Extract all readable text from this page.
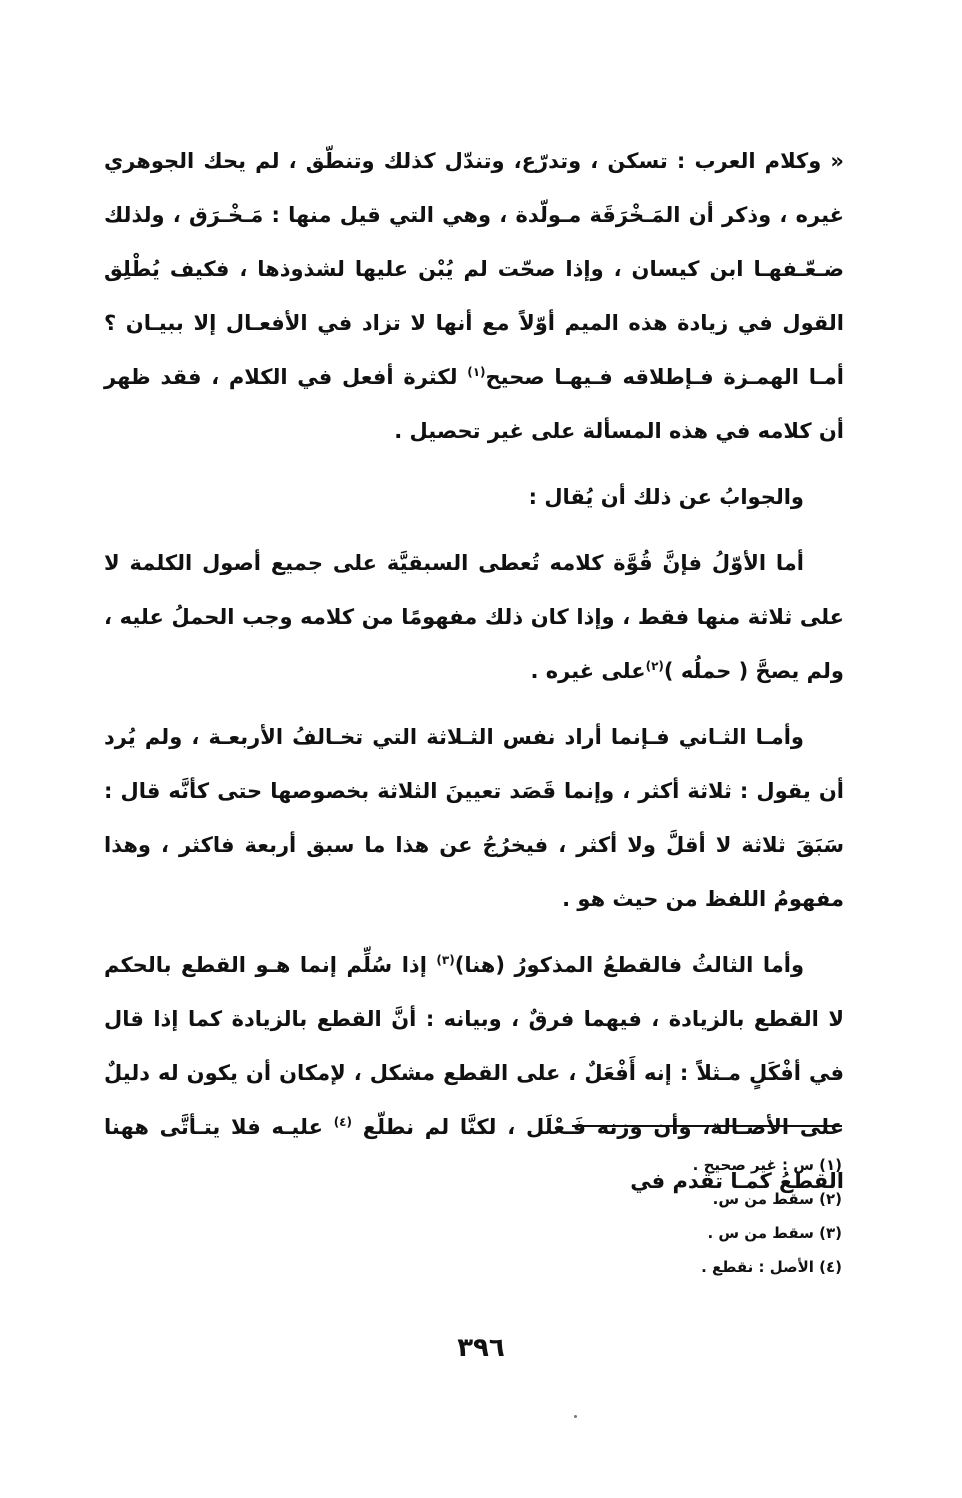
« وكلام العرب : تسكن ، وتدرّع، وتندّل كذلك وتنطّق ، لم يحك الجوهري غيره ، وذكر أن المَـخْرَقَة مـولّدة ، وهي التي قيل منها : مَـخْـرَق ، ولذلك ضـعّـفهـا ابن كيسان ، وإذا صحّت لم يُبْن عليها لشذوذها ، فكيف يُطْلِق القول في زيادة هذه الميم أوّلاً مع أنها لا تزاد في الأفعـال إلا ببيـان ؟ أمـا الهمـزة فـإطلاقه فـيهـا صحيح$^{(١)}$ لكثرة أفعل في الكلام ، فقد ظهر أن كلامه في هذه المسألة على غير تحصيل .

والجوابُ عن ذلك أن يُقال :

أما الأوّلُ فإنَّ قُوَّة كلامه تُعطى السبقيَّة على جميع أصول الكلمة لا على ثلاثة منها فقط ، وإذا كان ذلك مفهومًا من كلامه وجب الحملُ عليه ، ولم يصحَّ ( حملُه )$^{(٢)}$على غيره .

وأمـا الثـاني فـإنما أراد نفس الثـلاثة التي تخـالفُ الأربعـة ، ولم يُرد أن يقول : ثلاثة أكثر ، وإنما قَصَد تعيينَ الثلاثة بخصوصها حتى كأنَّه قال : سَبَقَ ثلاثة لا أقلَّ ولا أكثر ، فيخرُجُ عن هذا ما سبق أربعة فاكثر ، وهذا مفهومُ اللفظ من حيث هو .

وأما الثالثُ فالقطعُ المذكورُ (هنا)$^{(٣)}$ إذا سُلِّم إنما هـو القطع بالحكم لا القطع بالزيادة ، فيهما فرقٌ ، وبيانه : أنَّ القطع بالزيادة كما إذا قال في أفْكَلٍ مـثلاً : إنه أَفْعَلٌ ، على القطع مشكل ، لإمكان أن يكون له دليلٌ على الأصـالة، وأن وزنه فَـعْلَل ، لكنَّا لم نطلّع $^{(٤)}$ عليـه فلا يتـأتَّى ههنا القطعُ كمـا تقدم في

(١) س : غير صحيح .

(٢) سقط من س.

(٣) سقط من س .

(٤) الأصل : نقطع .

٣٩٦
